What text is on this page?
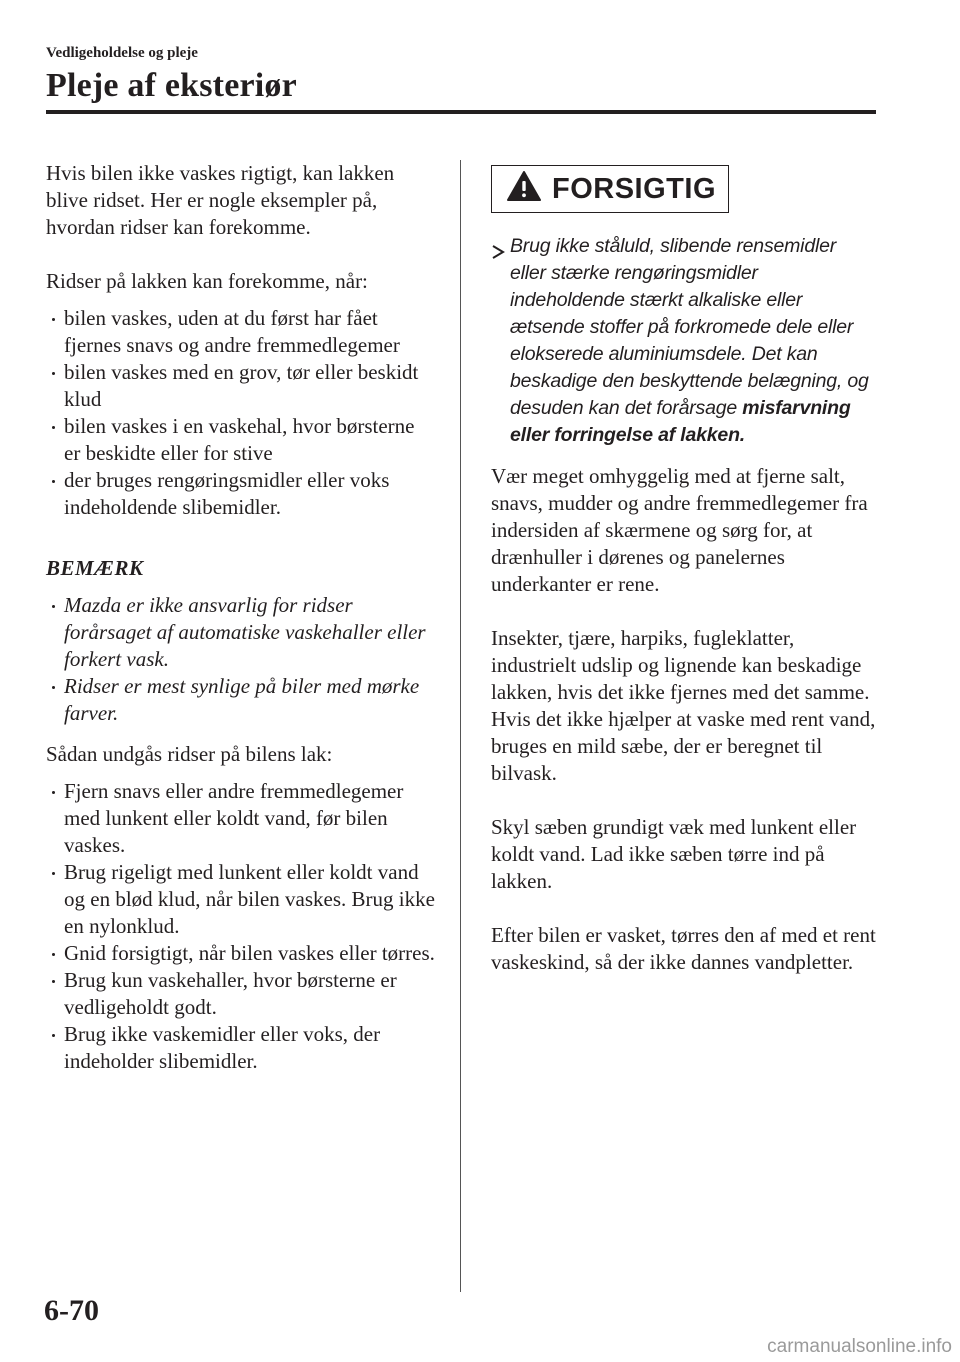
Vedligeholdelse og pleje

Pleje af eksteriør

Hvis bilen ikke vaskes rigtigt, kan lakken blive ridset. Her er nogle eksempler på, hvordan ridser kan forekomme.

Ridser på lakken kan forekomme, når:

bilen vaskes, uden at du først har fået fjernes snavs og andre fremmedlegemer
bilen vaskes med en grov, tør eller beskidt klud
bilen vaskes i en vaskehal, hvor børsterne er beskidte eller for stive
der bruges rengøringsmidler eller voks indeholdende slibemidler.

BEMÆRK

Mazda er ikke ansvarlig for ridser forårsaget af automatiske vaskehaller eller forkert vask.
Ridser er mest synlige på biler med mørke farver.

Sådan undgås ridser på bilens lak:

Fjern snavs eller andre fremmedlegemer med lunkent eller koldt vand, før bilen vaskes.
Brug rigeligt med lunkent eller koldt vand og en blød klud, når bilen vaskes. Brug ikke en nylonklud.
Gnid forsigtigt, når bilen vaskes eller tørres.
Brug kun vaskehaller, hvor børsterne er vedligeholdt godt.
Brug ikke vaskemidler eller voks, der indeholder slibemidler.
FORSIGTIG
Brug ikke ståluld, slibende rensemidler eller stærke rengøringsmidler indeholdende stærkt alkaliske eller ætsende stoffer på forkromede dele eller elokserede aluminiumsdele. Det kan beskadige den beskyttende belægning, og desuden kan det forårsage misfarvning eller forringelse af lakken.

Vær meget omhyggelig med at fjerne salt, snavs, mudder og andre fremmedlegemer fra indersiden af skærmene og sørg for, at drænhuller i dørenes og panelernes underkanter er rene.

Insekter, tjære, harpiks, fugleklatter, industrielt udslip og lignende kan beskadige lakken, hvis det ikke fjernes med det samme. Hvis det ikke hjælper at vaske med rent vand, bruges en mild sæbe, der er beregnet til bilvask.

Skyl sæben grundigt væk med lunkent eller koldt vand. Lad ikke sæben tørre ind på lakken.

Efter bilen er vasket, tørres den af med et rent vaskeskind, så der ikke dannes vandpletter.

6-70
carmanualsonline.info
